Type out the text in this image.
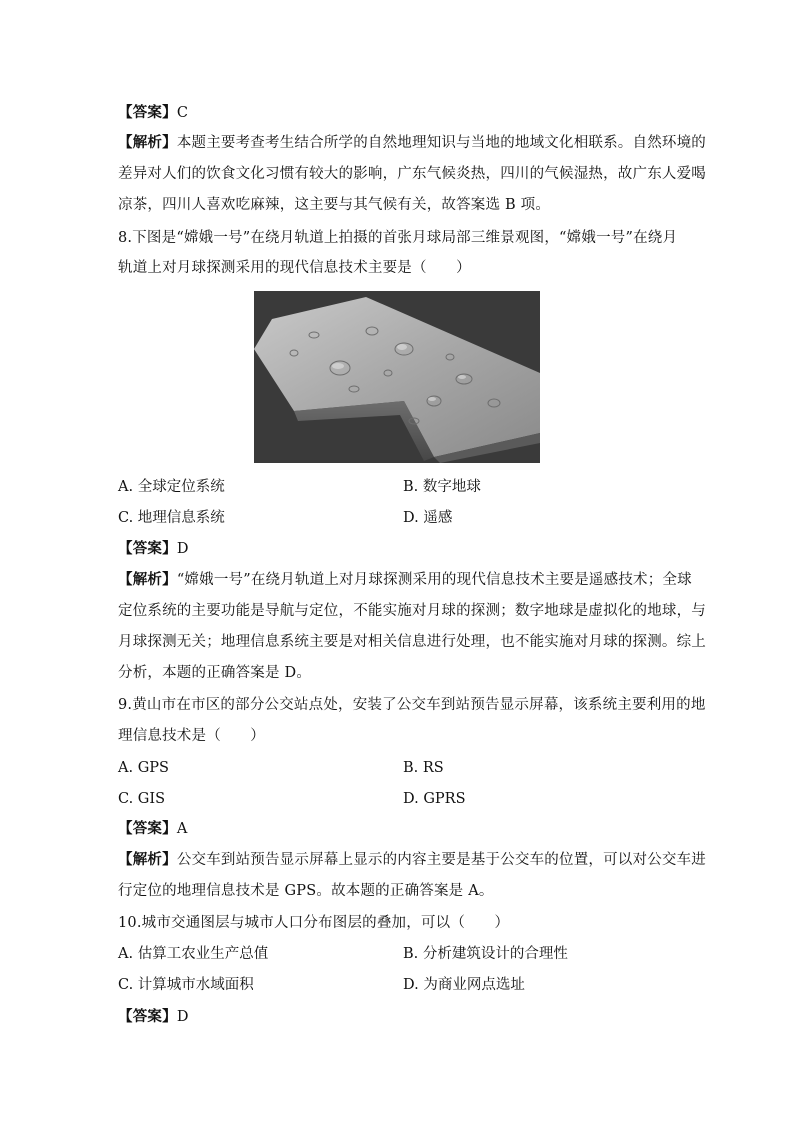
【答案】C
【解析】本题主要考查考生结合所学的自然地理知识与当地的地域文化相联系。自然环境的
差异对人们的饮食文化习惯有较大的影响，广东气候炎热，四川的气候湿热，故广东人爱喝
凉茶，四川人喜欢吃麻辣，这主要与其气候有关，故答案选 B 项。
8.下图是“嫦娥一号”在绕月轨道上拍摄的首张月球局部三维景观图，“嫦娥一号”在绕月
轨道上对月球探测采用的现代信息技术主要是（　　）
A. 全球定位系统	B. 数字地球
C. 地理信息系统	D. 遥感
【答案】D
【解析】“嫦娥一号”在绕月轨道上对月球探测采用的现代信息技术主要是遥感技术；全球
定位系统的主要功能是导航与定位，不能实施对月球的探测；数字地球是虚拟化的地球，与
月球探测无关；地理信息系统主要是对相关信息进行处理，也不能实施对月球的探测。综上
分析，本题的正确答案是 D。
9.黄山市在市区的部分公交站点处，安装了公交车到站预告显示屏幕，该系统主要利用的地
理信息技术是（　　）
A. GPS	B. RS
C. GIS	D. GPRS
【答案】A
【解析】公交车到站预告显示屏幕上显示的内容主要是基于公交车的位置，可以对公交车进
行定位的地理信息技术是 GPS。故本题的正确答案是 A。
10.城市交通图层与城市人口分布图层的叠加，可以（　　）
A. 估算工农业生产总值	B. 分析建筑设计的合理性
C. 计算城市水域面积	D. 为商业网点选址
【答案】D
